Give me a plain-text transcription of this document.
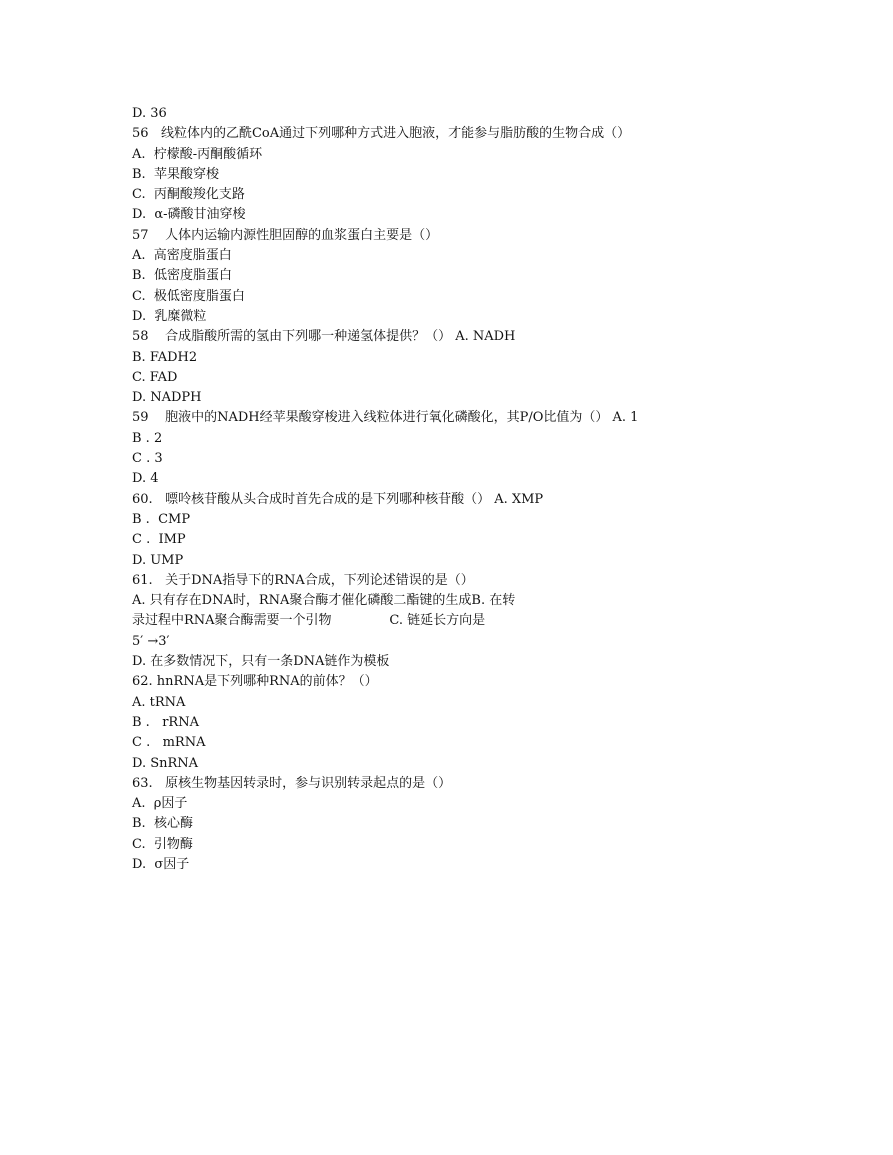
D. 36
56   线粒体内的乙酰CoA通过下列哪种方式进入胞液，才能参与脂肪酸的生物合成（）
A.  柠檬酸-丙酮酸循环
B.  苹果酸穿梭
C.  丙酮酸羧化支路
D.  α-磷酸甘油穿梭
57    人体内运输内源性胆固醇的血浆蛋白主要是（）
A.  高密度脂蛋白
B.  低密度脂蛋白
C.  极低密度脂蛋白
D.  乳糜微粒
58    合成脂酸所需的氢由下列哪一种递氢体提供？（） A. NADH
B. FADH2
C. FAD
D. NADPH
59    胞液中的NADH经苹果酸穿梭进入线粒体进行氧化磷酸化，其P/O比值为（） A. 1
B . 2
C . 3
D. 4
60.   嘌呤核苷酸从头合成时首先合成的是下列哪种核苷酸（） A. XMP
B .  CMP
C .  IMP
D. UMP
61.   关于DNA指导下的RNA合成，下列论述错误的是（）
A. 只有存在DNA时，RNA聚合酶才催化磷酸二酯键的生成B. 在转
录过程中RNA聚合酶需要一个引物              C. 链延长方向是
5′ →3′
D. 在多数情况下，只有一条DNA链作为模板
62. hnRNA是下列哪种RNA的前体？（）
A. tRNA
B .   rRNA
C .   mRNA
D. SnRNA
63.   原核生物基因转录时，参与识别转录起点的是（）
A.  ρ因子
B.  核心酶
C.  引物酶
D.  σ因子
